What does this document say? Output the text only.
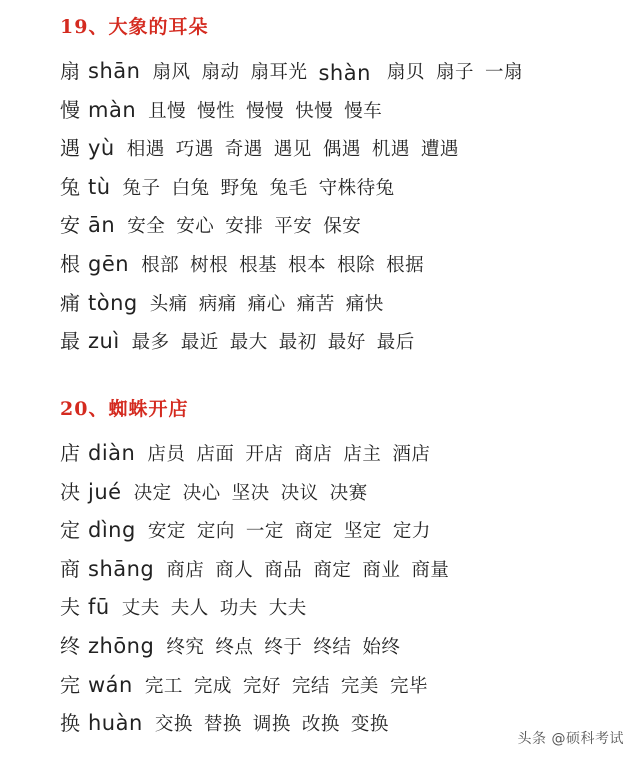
19、大象的耳朵
扇 shān 扇风 扇动 扇耳光 shàn 扇贝 扇子 一扇
慢 màn 且慢 慢性 慢慢 快慢 慢车
遇 yù 相遇 巧遇 奇遇 遇见 偶遇 机遇 遭遇
兔 tù 兔子 白兔 野兔 兔毛 守株待兔
安 ān 安全 安心 安排 平安 保安
根 gēn 根部 树根 根基 根本 根除 根据
痛 tòng 头痛 病痛 痛心 痛苦 痛快
最 zuì 最多 最近 最大 最初 最好 最后
20、蜘蛛开店
店 diàn 店员 店面 开店 商店 店主 酒店
决 jué 决定 决心 坚决 决议 决赛
定 dìng 安定 定向 一定 商定 坚定 定力
商 shāng 商店 商人 商品 商定 商业 商量
夫 fū 丈夫 夫人 功夫 大夫
终 zhōng 终究 终点 终于 终结 始终
完 wán 完工 完成 完好 完结 完美 完毕
换 huàn 交换 替换 调换 改换 变换
头条 @硕科考试
